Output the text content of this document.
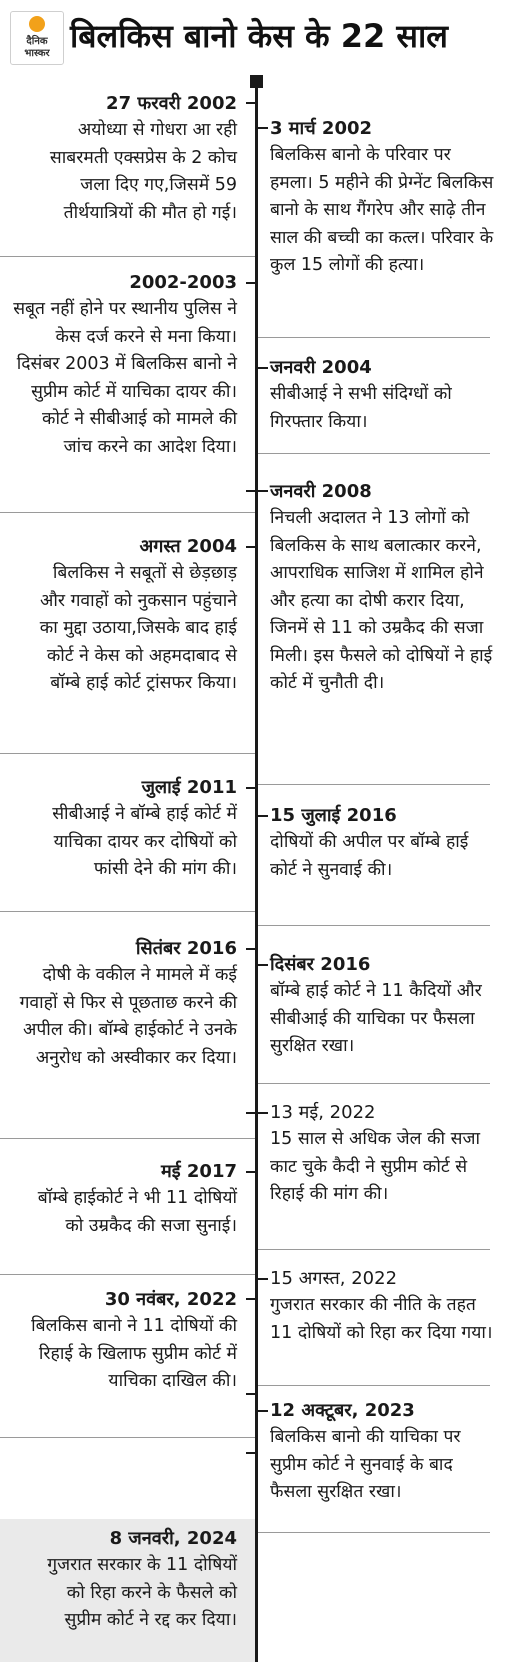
दैनिक
भास्कर बिलकिस बानो केस के 22 साल
27 फरवरी 2002
अयोध्या से गोधरा आ रही साबरमती एक्सप्रेस के 2 कोच जला दिए गए,जिसमें 59 तीर्थयात्रियों की मौत हो गई।
2002-2003
सबूत नहीं होने पर स्थानीय पुलिस ने केस दर्ज करने से मना किया। दिसंबर 2003 में बिलकिस बानो ने सुप्रीम कोर्ट में याचिका दायर की। कोर्ट ने सीबीआई को मामले की जांच करने का आदेश दिया।
अगस्त 2004
बिलकिस ने सबूतों से छेड़छाड़ और गवाहों को नुकसान पहुंचाने का मुद्दा उठाया,जिसके बाद हाई कोर्ट ने केस को अहमदाबाद से बॉम्बे हाई कोर्ट ट्रांसफर किया।
जुलाई 2011
सीबीआई ने बॉम्बे हाई कोर्ट में याचिका दायर कर दोषियों को फांसी देने की मांग की।
सितंबर 2016
दोषी के वकील ने मामले में कई गवाहों से फिर से पूछताछ करने की अपील की। बॉम्बे हाईकोर्ट ने उनके अनुरोध को अस्वीकार कर दिया।
मई 2017
बॉम्बे हाईकोर्ट ने भी 11 दोषियों को उम्रकैद की सजा सुनाई।
30 नवंबर, 2022
बिलकिस बानो ने 11 दोषियों की रिहाई के खिलाफ सुप्रीम कोर्ट में याचिका दाखिल की।
8 जनवरी, 2024
गुजरात सरकार के 11 दोषियों को रिहा करने के फैसले को सुप्रीम कोर्ट ने रद्द कर दिया।
3 मार्च 2002
बिलकिस बानो के परिवार पर हमला। 5 महीने की प्रेग्नेंट बिलकिस बानो के साथ गैंगरेप और साढ़े तीन साल की बच्ची का कत्ल। परिवार के कुल 15 लोगों की हत्या।
जनवरी 2004
सीबीआई ने सभी संदिग्धों को गिरफ्तार किया।
जनवरी 2008
निचली अदालत ने 13 लोगों को बिलकिस के साथ बलात्कार करने, आपराधिक साजिश में शामिल होने और हत्या का दोषी करार दिया, जिनमें से 11 को उम्रकैद की सजा मिली। इस फैसले को दोषियों ने हाई कोर्ट में चुनौती दी।
15 जुलाई 2016
दोषियों की अपील पर बॉम्बे हाई कोर्ट ने सुनवाई की।
दिसंबर 2016
बॉम्बे हाई कोर्ट ने 11 कैदियों और सीबीआई की याचिका पर फैसला सुरक्षित रखा।
13 मई, 2022
15 साल से अधिक जेल की सजा काट चुके कैदी ने सुप्रीम कोर्ट से रिहाई की मांग की।
15 अगस्त, 2022
गुजरात सरकार की नीति के तहत 11 दोषियों को रिहा कर दिया गया।
12 अक्टूबर, 2023
बिलकिस बानो की याचिका पर सुप्रीम कोर्ट ने सुनवाई के बाद फैसला सुरक्षित रखा।
